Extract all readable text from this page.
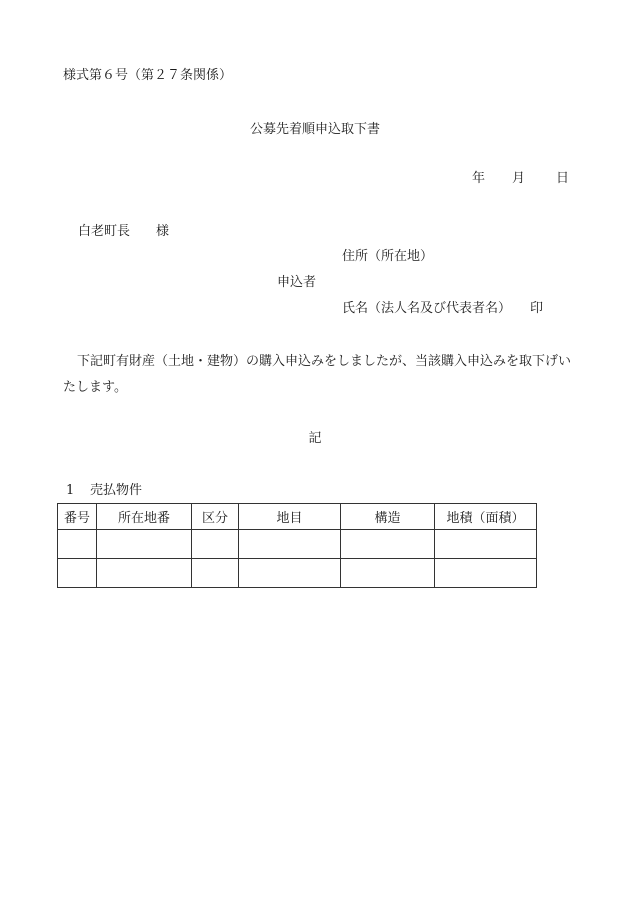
様式第６号（第２７条関係）
公募先着順申込取下書
年 月 日
白老町長 様
住所（所在地）
申込者
氏名（法人名及び代表者名） 印
下記町有財産（土地・建物）の購入申込みをしましたが、当該購入申込みを取下げいたします。
記
1 売払物件
番号	所在地番	区分	地目	構造	地積（面積）
